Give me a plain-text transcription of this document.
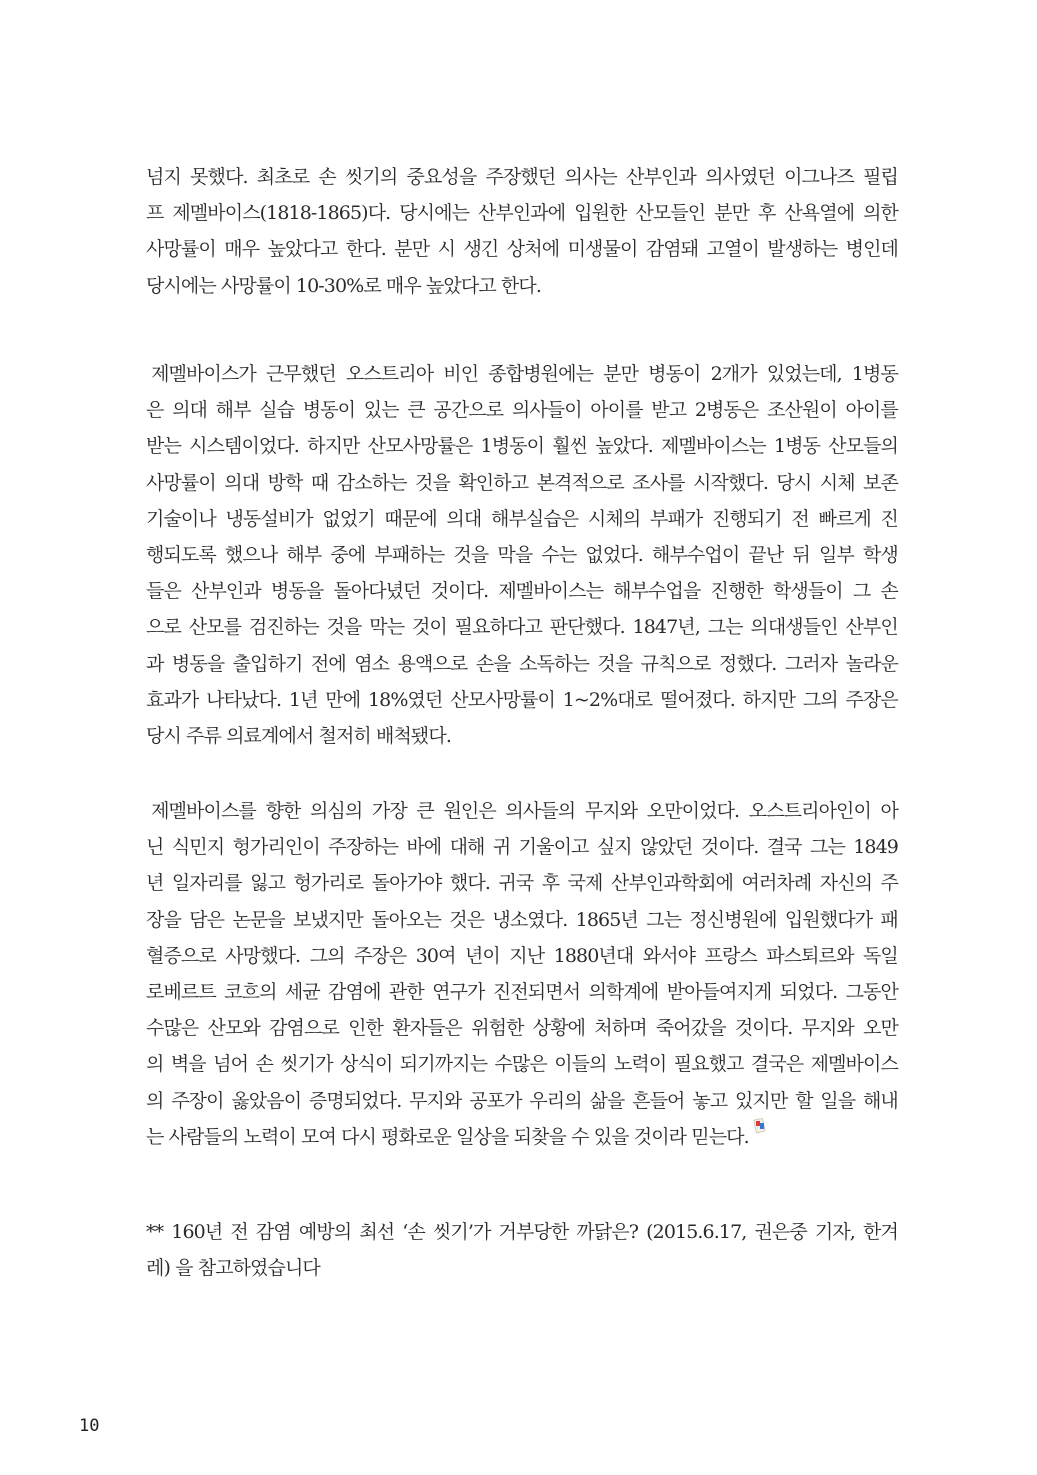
넘지 못했다. 최초로 손 씻기의 중요성을 주장했던 의사는 산부인과 의사였던 이그나즈 필립
프 제멜바이스(1818-1865)다. 당시에는 산부인과에 입원한 산모들인 분만 후 산욕열에 의한
사망률이 매우 높았다고 한다. 분만 시 생긴 상처에 미생물이 감염돼 고열이 발생하는 병인데
당시에는 사망률이 10-30%로 매우 높았다고 한다.
제멜바이스가 근무했던 오스트리아 비인 종합병원에는 분만 병동이 2개가 있었는데, 1병동
은 의대 해부 실습 병동이 있는 큰 공간으로 의사들이 아이를 받고 2병동은 조산원이 아이를
받는 시스템이었다. 하지만 산모사망률은 1병동이 훨씬 높았다. 제멜바이스는 1병동 산모들의
사망률이 의대 방학 때 감소하는 것을 확인하고 본격적으로 조사를 시작했다. 당시 시체 보존
기술이나 냉동설비가 없었기 때문에 의대 해부실습은 시체의 부패가 진행되기 전 빠르게 진
행되도록 했으나 해부 중에 부패하는 것을 막을 수는 없었다. 해부수업이 끝난 뒤 일부 학생
들은 산부인과 병동을 돌아다녔던 것이다. 제멜바이스는 해부수업을 진행한 학생들이 그 손
으로 산모를 검진하는 것을 막는 것이 필요하다고 판단했다. 1847년, 그는 의대생들인 산부인
과 병동을 출입하기 전에 염소 용액으로 손을 소독하는 것을 규칙으로 정했다. 그러자 놀라운
효과가 나타났다. 1년 만에 18%였던 산모사망률이 1~2%대로 떨어졌다. 하지만 그의 주장은
당시 주류 의료계에서 철저히 배척됐다.
제멜바이스를 향한 의심의 가장 큰 원인은 의사들의 무지와 오만이었다. 오스트리아인이 아
닌 식민지 헝가리인이 주장하는 바에 대해 귀 기울이고 싶지 않았던 것이다. 결국 그는 1849
년 일자리를 잃고 헝가리로 돌아가야 했다. 귀국 후 국제 산부인과학회에 여러차례 자신의 주
장을 담은 논문을 보냈지만 돌아오는 것은 냉소였다. 1865년 그는 정신병원에 입원했다가 패
혈증으로 사망했다. 그의 주장은 30여 년이 지난 1880년대 와서야 프랑스 파스퇴르와 독일
로베르트 코흐의 세균 감염에 관한 연구가 진전되면서 의학계에 받아들여지게 되었다. 그동안
수많은 산모와 감염으로 인한 환자들은 위험한 상황에 처하며 죽어갔을 것이다. 무지와 오만
의 벽을 넘어 손 씻기가 상식이 되기까지는 수많은 이들의 노력이 필요했고 결국은 제멜바이스
의 주장이 옳았음이 증명되었다. 무지와 공포가 우리의 삶을 흔들어 놓고 있지만 할 일을 해내
는 사람들의 노력이 모여 다시 평화로운 일상을 되찾을 수 있을 것이라 믿는다.
** 160년 전 감염 예방의 최선 ‘손 씻기’가 거부당한 까닭은? (2015.6.17, 권은중 기자, 한겨
레) 을 참고하였습니다
10
